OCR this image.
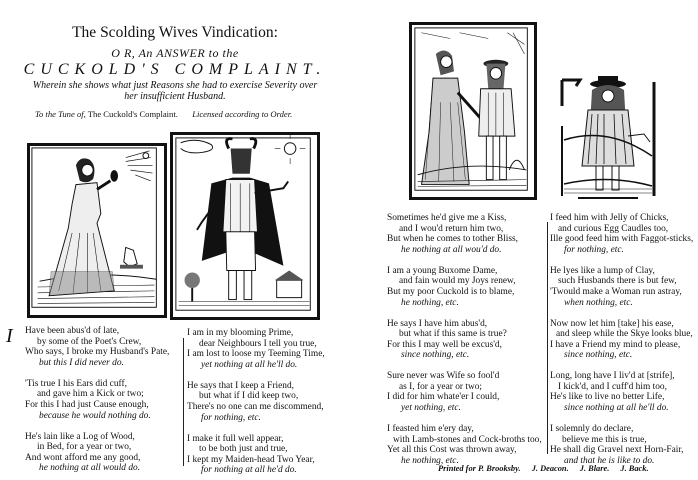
The Scolding Wives Vindication:
O R, An ANSWER to the
CUCKOLD'S COMPLAINT.
Wherein she shows what just Reasons she had to exercise Severity over
her insufficient Husband.
To the Tune of, The Cuckold's Complaint. Licensed according to Order.
I Have been abus'd of late,
by some of the Poet's Crew,
Who says, I broke my Husband's Pate,
but this I did never do.
'Tis true I his Ears did cuff,
and gave him a Kick or two;
For this I had just Cause enough,
because he would nothing do.
He's lain like a Log of Wood,
in Bed, for a year or two,
And wont afford me any good,
he nothing at all would do.
I am in my blooming Prime,
dear Neighbours I tell you true,
I am lost to loose my Teeming Time,
yet nothing at all he'll do.
He says that I keep a Friend,
but what if I did keep two,
There's no one can me discommend,
for nothing, etc.
I make it full well appear,
to be both just and true,
I kept my Maiden-head Two Year,
for nothing at all he'd do.
Sometimes he'd give me a Kiss,
and I wou'd return him two,
But when he comes to tother Bliss,
he nothing at all wou'd do.
I am a young Buxome Dame,
and fain would my Joys renew,
But my poor Cuckold is to blame,
he nothing, etc.
He says I have him abus'd,
but what if this same is true?
For this I may well be excus'd,
since nothing, etc.
Sure never was Wife so fool'd
as I, for a year or two;
I did for him whate'er I could,
yet nothing, etc.
I feasted him e'ery day,
with Lamb-stones and Cock-broths too,
Yet all this Cost was thrown away,
he nothing, etc.
I feed him with Jelly of Chicks,
and curious Egg Caudles too,
Ille good feed him with Faggot-sticks,
for nothing, etc.
He lyes like a lump of Clay,
such Husbands there is but few,
'Twould make a Woman run astray,
when nothing, etc.
Now now let him [take] his ease,
and sleep while the Skye looks blue,
I have a Friend my mind to please,
since nothing, etc.
Long, long have I liv'd at [strife],
I kick'd, and I cuff'd him too,
He's like to live no better Life,
since nothing at all he'll do.
I solemnly do declare,
believe me this is true,
He shall dig Gravel next Horn-Fair,
and that he is like to do.
Printed for P. Brooksby. J. Deacon. J. Blare. J. Back.
